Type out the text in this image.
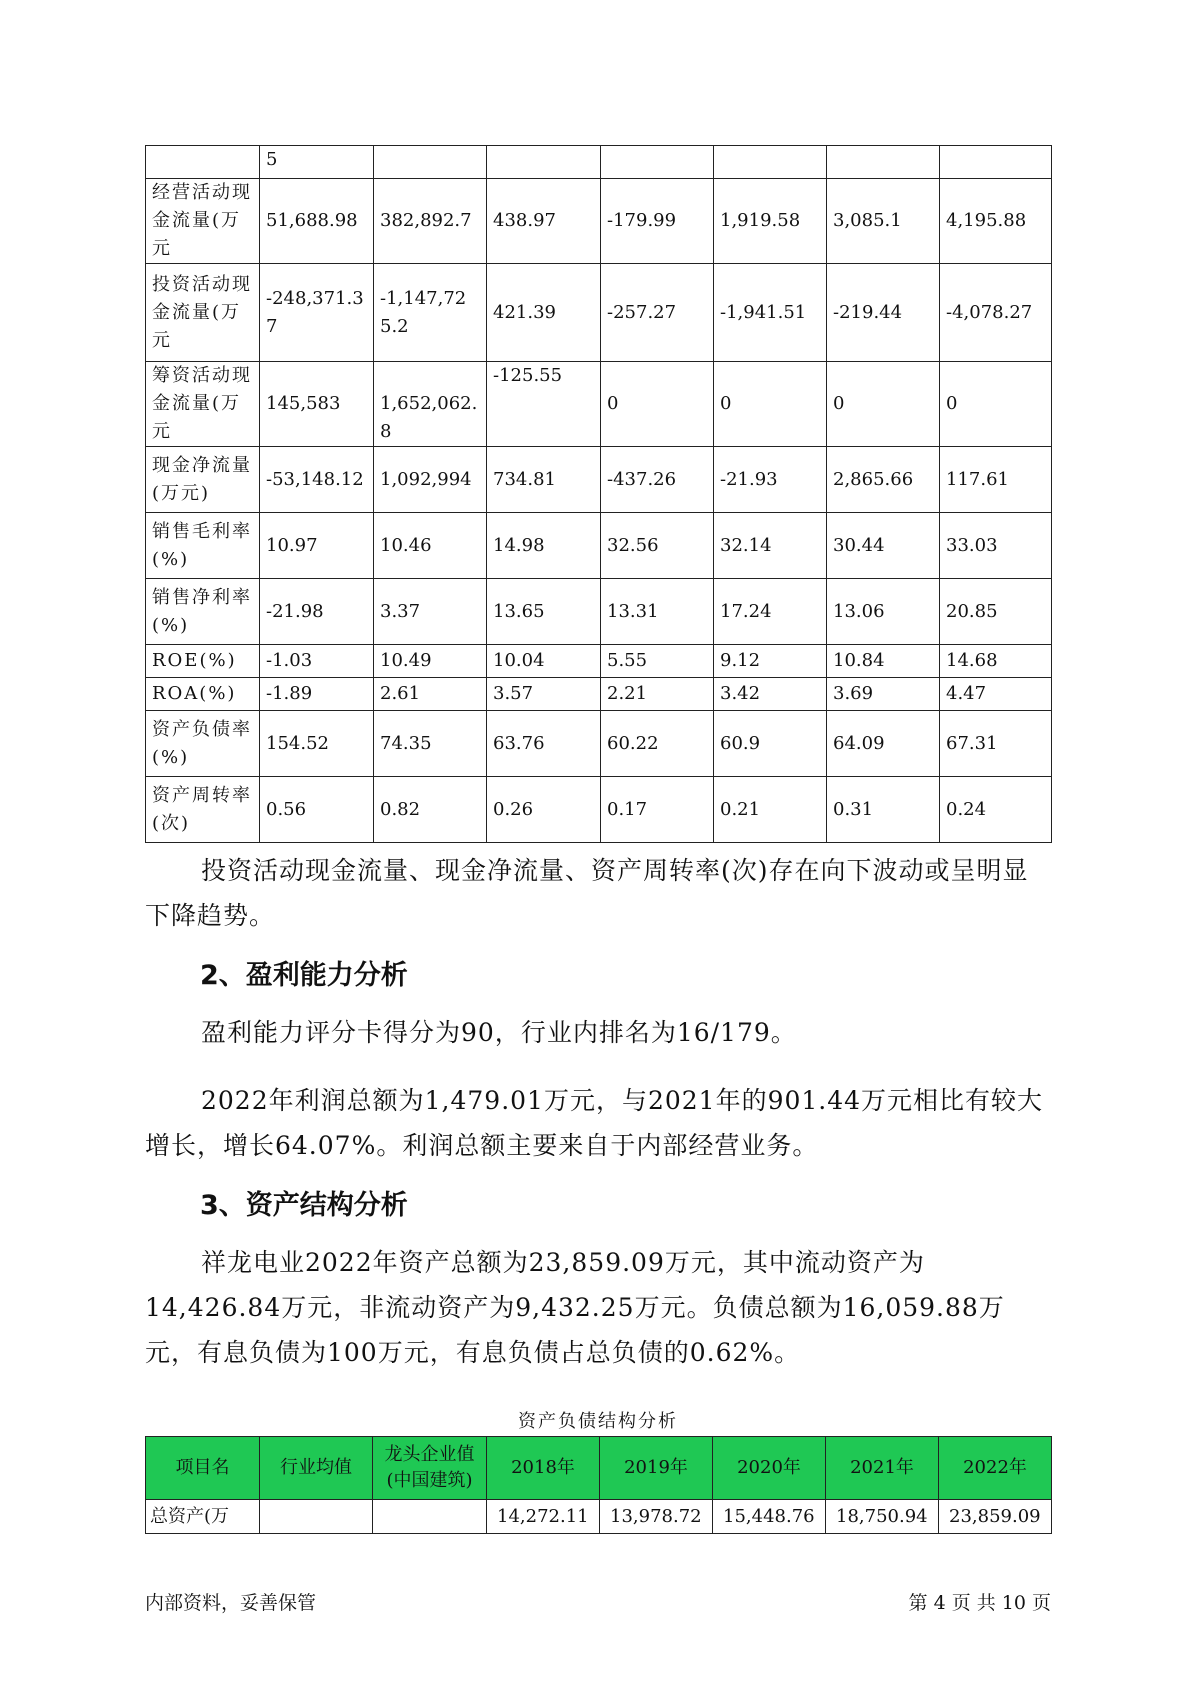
	5						
经营活动现金流量(万元	51,688.98	382,892.7	438.97	-179.99	1,919.58	3,085.1	4,195.88
投资活动现金流量(万元	-248,371.37	-1,147,725.2	421.39	-257.27	-1,941.51	-219.44	-4,078.27
筹资活动现金流量(万元	145,583	1,652,062.8	-125.55	0	0	0	0
现金净流量(万元)	-53,148.12	1,092,994	734.81	-437.26	-21.93	2,865.66	117.61
销售毛利率(%)	10.97	10.46	14.98	32.56	32.14	30.44	33.03
销售净利率(%)	-21.98	3.37	13.65	13.31	17.24	13.06	20.85
ROE(%)	-1.03	10.49	10.04	5.55	9.12	10.84	14.68
ROA(%)	-1.89	2.61	3.57	2.21	3.42	3.69	4.47
资产负债率(%)	154.52	74.35	63.76	60.22	60.9	64.09	67.31
资产周转率(次)	0.56	0.82	0.26	0.17	0.21	0.31	0.24
投资活动现金流量、现金净流量、资产周转率(次)存在向下波动或呈明显下降趋势。
2、盈利能力分析
盈利能力评分卡得分为90，行业内排名为16/179。
2022年利润总额为1,479.01万元，与2021年的901.44万元相比有较大增长，增长64.07%。利润总额主要来自于内部经营业务。
3、资产结构分析
祥龙电业2022年资产总额为23,859.09万元，其中流动资产为14,426.84万元，非流动资产为9,432.25万元。负债总额为16,059.88万元，有息负债为100万元，有息负债占总负债的0.62%。
资产负债结构分析
项目名	行业均值	龙头企业值(中国建筑)	2018年	2019年	2020年	2021年	2022年
总资产(万			14,272.11	13,978.72	15,448.76	18,750.94	23,859.09
内部资料，妥善保管	第 4 页 共 10 页
